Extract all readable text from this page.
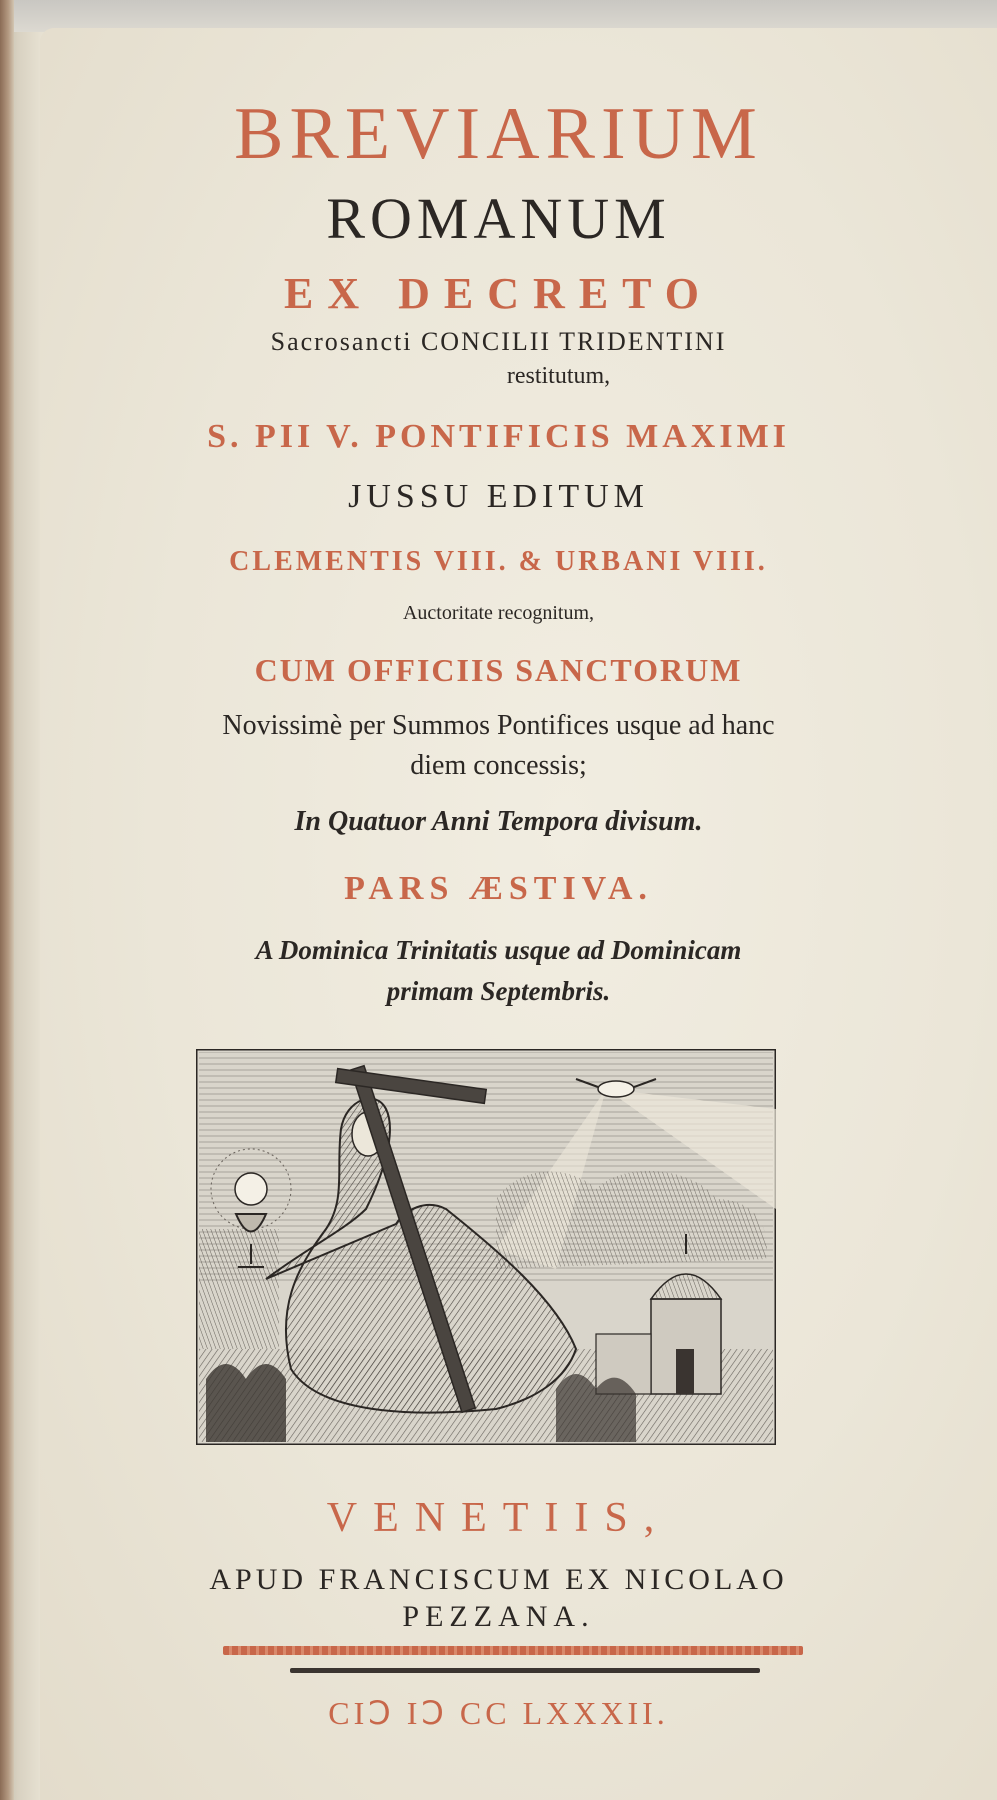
BREVIARIUM
ROMANUM
EX DECRETO
Sacrosancti CONCILII TRIDENTINI
restitutum,
S. PII V. PONTIFICIS MAXIMI
JUSSU EDITUM
CLEMENTIS VIII. & URBANI VIII.
Auctoritate recognitum,
CUM OFFICIIS SANCTORUM
Novissimè per Summos Pontifices usque ad hanc
diem concessis;
In Quatuor Anni Tempora divisum.
PARS ÆSTIVA.
A Dominica Trinitatis usque ad Dominicam
primam Septembris.
VENETIIS,
APUD FRANCISCUM EX NICOLAO
PEZZANA.
CIↃ IↃ CC LXXXII.
